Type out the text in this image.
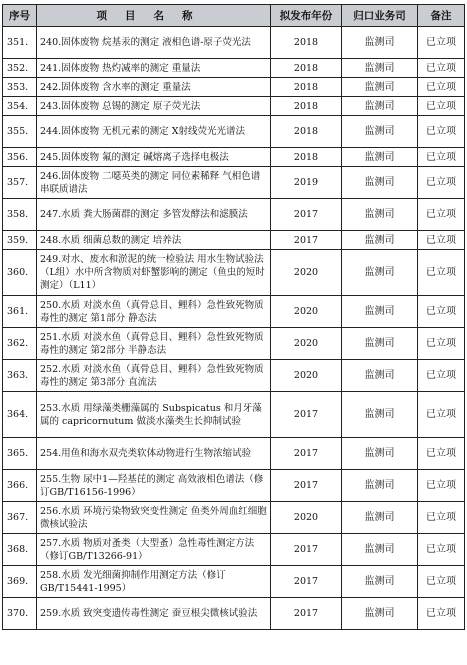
序号	项目名称	拟发布年份	归口业务司	备注
351.	240.固体废物 烷基汞的测定 液相色谱-原子荧光法	2018	监测司	已立项
352.	241.固体废物 热灼减率的测定 重量法	2018	监测司	已立项
353.	242.固体废物 含水率的测定 重量法	2018	监测司	已立项
354.	243.固体废物 总锡的测定 原子荧光法	2018	监测司	已立项
355.	244.固体废物 无机元素的测定 X射线荧光光谱法	2018	监测司	已立项
356.	245.固体废物 氟的测定 碱熔离子选择电极法	2018	监测司	已立项
357.	246.固体废物 二噁英类的测定 同位素稀释 气相色谱串联质谱法	2019	监测司	已立项
358.	247.水质 粪大肠菌群的测定 多管发酵法和滤膜法	2017	监测司	已立项
359.	248.水质 细菌总数的测定 培养法	2017	监测司	已立项
360.	249.对水、废水和淤泥的统一检验法 用水生物试验法（L组）水中所含物质对虾蟹影响的测定（鱼虫的短时测定）（L11）	2020	监测司	已立项
361.	250.水质 对淡水鱼（真骨总目、鲤科）急性致死物质毒性的测定 第1部分 静态法	2020	监测司	已立项
362.	251.水质 对淡水鱼（真骨总目、鲤科）急性致死物质毒性的测定 第2部分 半静态法	2020	监测司	已立项
363.	252.水质 对淡水鱼（真骨总目、鲤科）急性致死物质毒性的测定 第3部分 直流法	2020	监测司	已立项
364.	253.水质 用绿藻类栅藻属的 Subspicatus 和月牙藻属的 capricornutum 做淡水藻类生长抑制试验	2017	监测司	已立项
365.	254.用鱼和海水双壳类软体动物进行生物浓缩试验	2017	监测司	已立项
366.	255.生物 尿中1—羟基芘的测定 高效液相色谱法（修订GB/T16156-1996）	2017	监测司	已立项
367.	256.水质 环境污染物致突变性测定 鱼类外周血红细胞微核试验法	2020	监测司	已立项
368.	257.水质 物质对蚤类（大型蚤）急性毒性测定方法（修订GB/T13266-91）	2017	监测司	已立项
369.	258.水质 发光细菌抑制作用测定方法（修订GB/T15441-1995）	2017	监测司	已立项
370.	259.水质 致突变遗传毒性测定 蚕豆根尖微核试验法	2017	监测司	已立项
